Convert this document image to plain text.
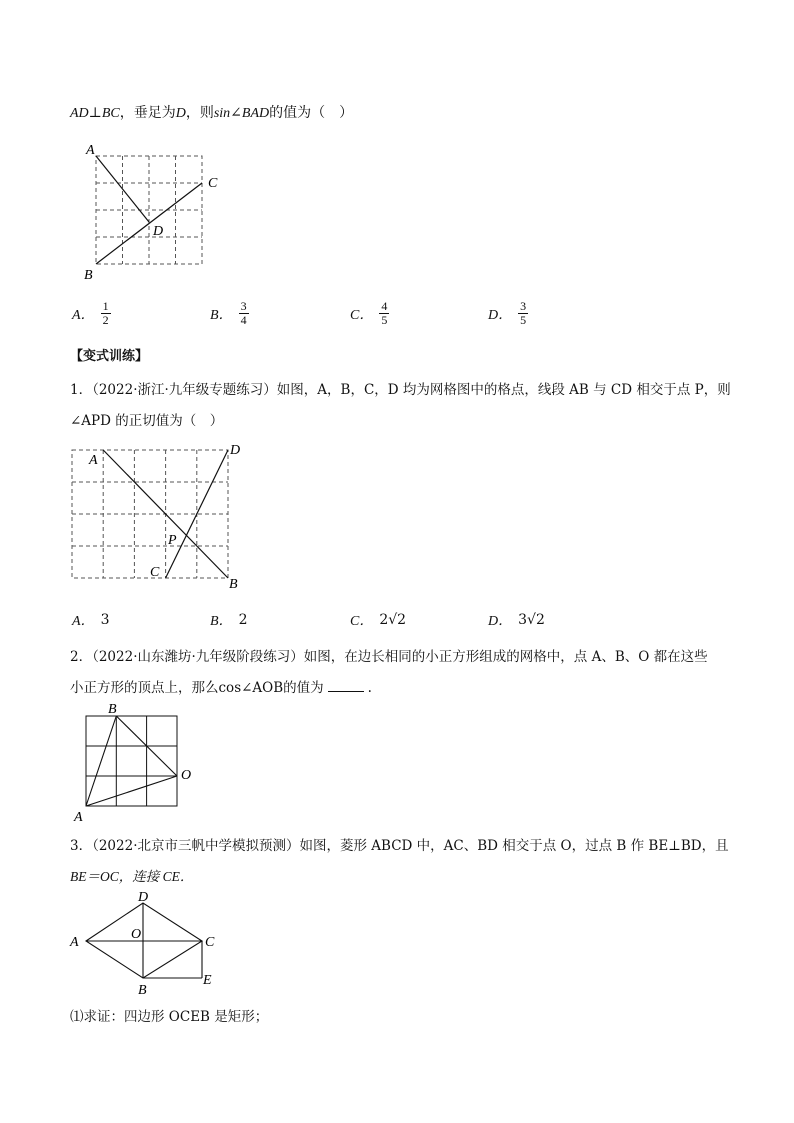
AD⊥BC，垂足为D，则sin∠BAD的值为（　）
A
B
C
D
A． $\frac{1}{2}$	B． $\frac{3}{4}$	C． $\frac{4}{5}$	D． $\frac{3}{5}$
【变式训练】
1．（2022·浙江·九年级专题练习）如图，A，B，C，D 均为网格图中的格点，线段 AB 与 CD 相交于点 P，则
∠APD 的正切值为（　）
A
D
P
C
B
A． 3	B． 2	C． 2√2	D． 3√2
2．（2022·山东潍坊·九年级阶段练习）如图，在边长相同的小正方形组成的网格中，点 A、B、O 都在这些
小正方形的顶点上，那么cos∠AOB的值为	.
B
O
A
3．（2022·北京市三帆中学模拟预测）如图，菱形 ABCD 中，AC、BD 相交于点 O，过点 B 作 BE⊥BD，且
BE＝OC，连接 CE．
D
A
O
C
B
E
⑴求证：四边形 OCEB 是矩形；
